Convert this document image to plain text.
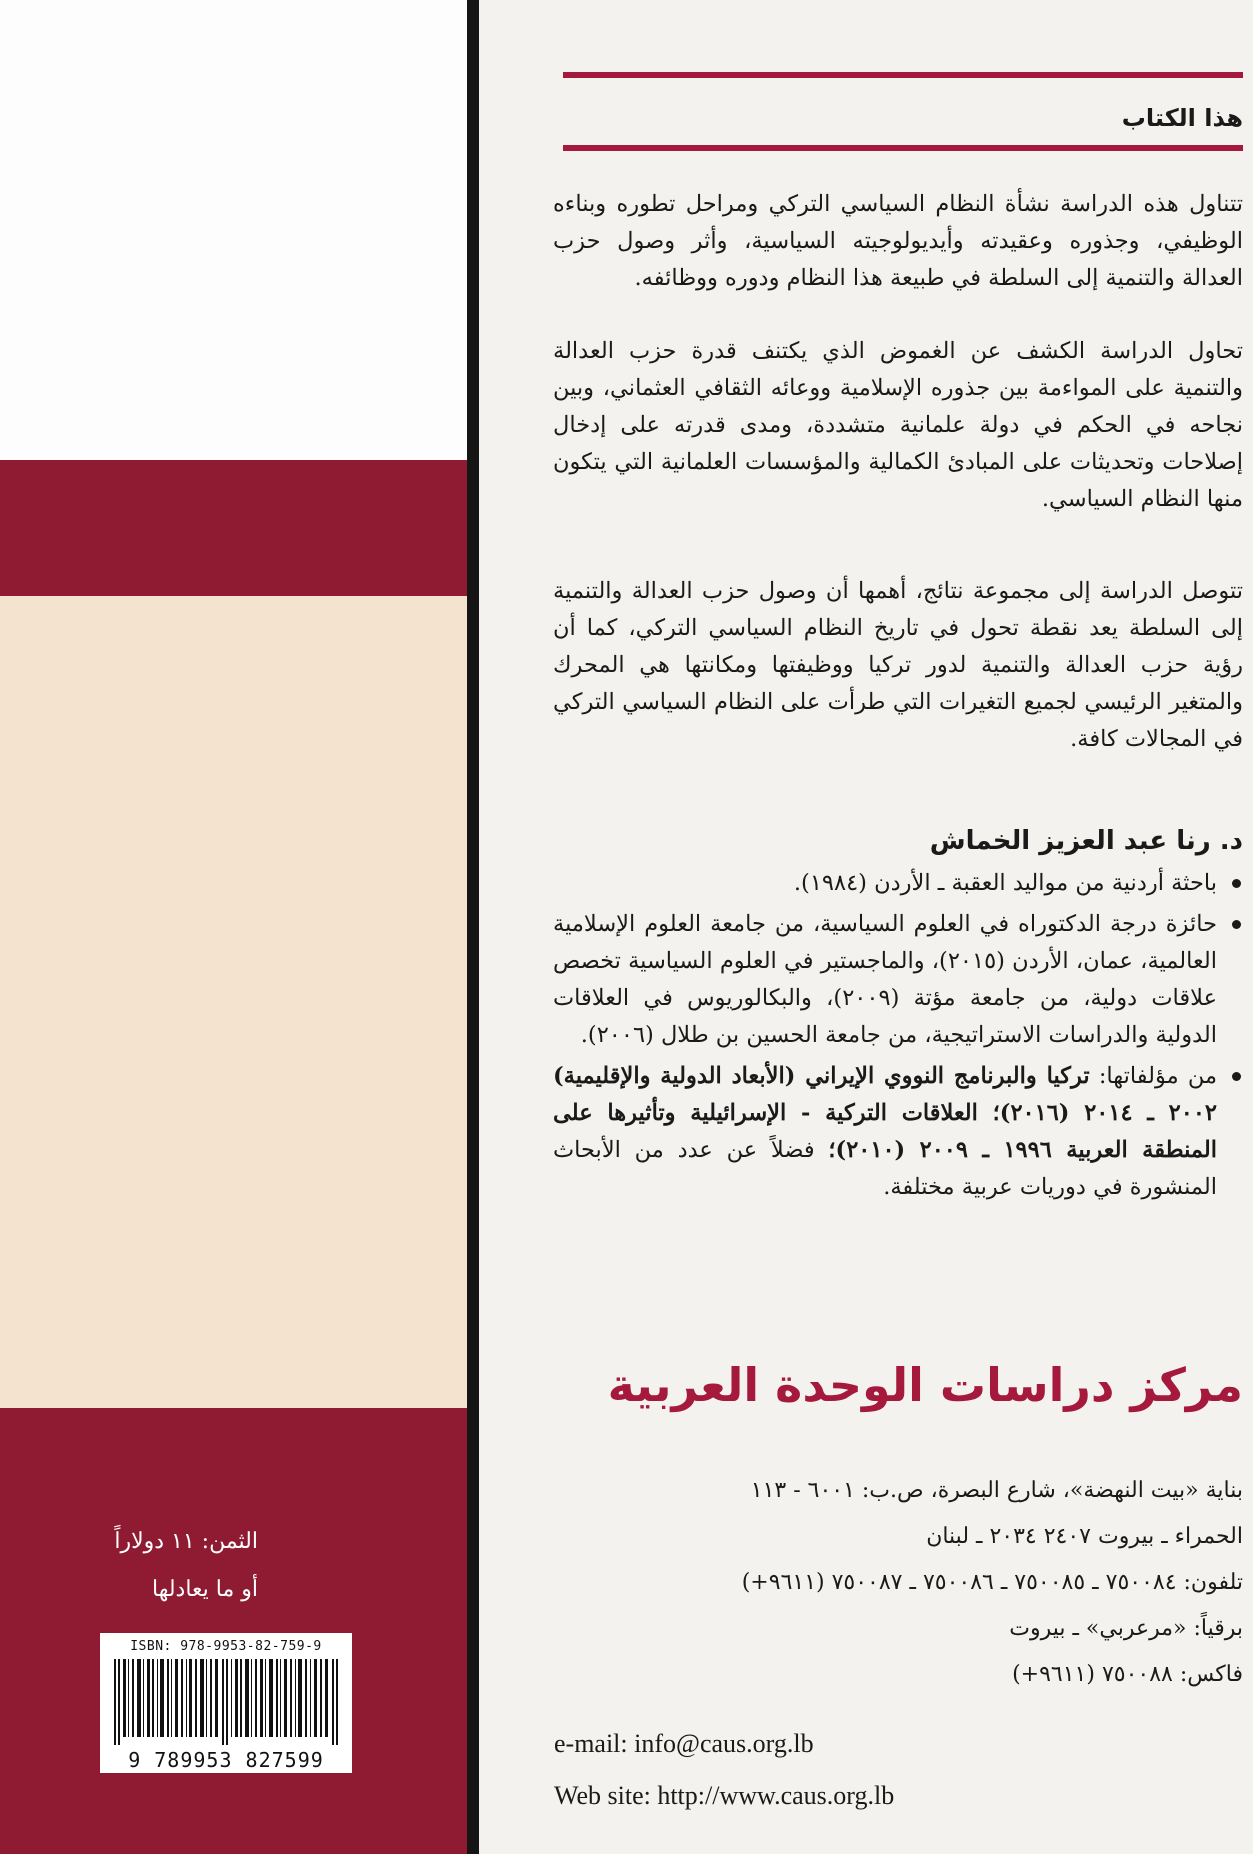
الثمن: ١١ دولاراً
أو ما يعادلها
ISBN: 978-9953-82-759-9
9 789953 827599
هذا الكتاب
تتناول هذه الدراسة نشأة النظام السياسي التركي ومراحل تطوره وبناءه الوظيفي، وجذوره وعقيدته وأيديولوجيته السياسية، وأثر وصول حزب العدالة والتنمية إلى السلطة في طبيعة هذا النظام ودوره ووظائفه.
تحاول الدراسة الكشف عن الغموض الذي يكتنف قدرة حزب العدالة والتنمية على المواءمة بين جذوره الإسلامية ووعائه الثقافي العثماني، وبين نجاحه في الحكم في دولة علمانية متشددة، ومدى قدرته على إدخال إصلاحات وتحديثات على المبادئ الكمالية والمؤسسات العلمانية التي يتكون منها النظام السياسي.
تتوصل الدراسة إلى مجموعة نتائج، أهمها أن وصول حزب العدالة والتنمية إلى السلطة يعد نقطة تحول في تاريخ النظام السياسي التركي، كما أن رؤية حزب العدالة والتنمية لدور تركيا ووظيفتها ومكانتها هي المحرك والمتغير الرئيسي لجميع التغيرات التي طرأت على النظام السياسي التركي في المجالات كافة.
د. رنا عبد العزيز الخماش
باحثة أردنية من مواليد العقبة ـ الأردن (١٩٨٤).
حائزة درجة الدكتوراه في العلوم السياسية، من جامعة العلوم الإسلامية العالمية، عمان، الأردن (٢٠١٥)، والماجستير في العلوم السياسية تخصص علاقات دولية، من جامعة مؤتة (٢٠٠٩)، والبكالوريوس في العلاقات الدولية والدراسات الاستراتيجية، من جامعة الحسين بن طلال (٢٠٠٦).
من مؤلفاتها: تركيا والبرنامج النووي الإيراني (الأبعاد الدولية والإقليمية) ٢٠٠٢ ـ ٢٠١٤ (٢٠١٦)؛ العلاقات التركية - الإسرائيلية وتأثيرها على المنطقة العربية ١٩٩٦ ـ ٢٠٠٩ (٢٠١٠)؛ فضلاً عن عدد من الأبحاث المنشورة في دوريات عربية مختلفة.
مركز دراسات الوحدة العربية
بناية «بيت النهضة»، شارع البصرة، ص.ب: ٦٠٠١ - ١١٣
الحمراء ـ بيروت ٢٤٠٧ ٢٠٣٤ ـ لبنان
تلفون: ٧٥٠٠٨٤ ـ ٧٥٠٠٨٥ ـ ٧٥٠٠٨٦ ـ ٧٥٠٠٨٧ (٩٦١١+)
برقياً: «مرعربي» ـ بيروت
فاكس: ٧٥٠٠٨٨ (٩٦١١+)
e-mail: info@caus.org.lb
Web site: http://www.caus.org.lb
